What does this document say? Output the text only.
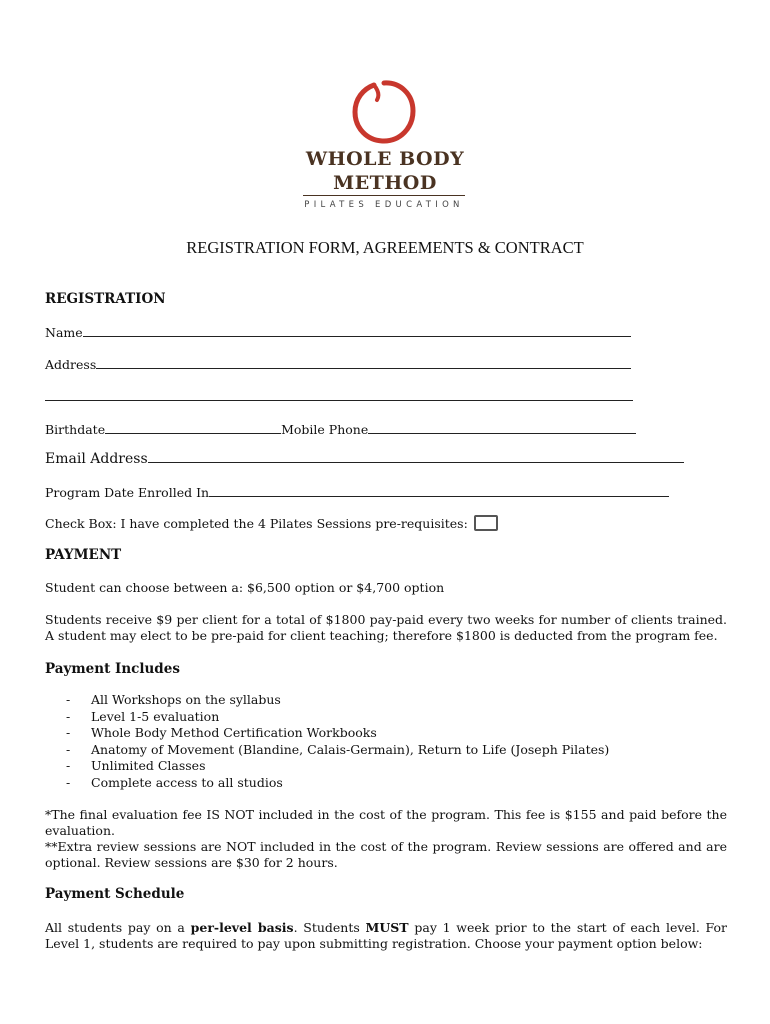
WHOLE BODY
METHOD
PILATES EDUCATION
REGISTRATION FORM, AGREEMENTS & CONTRACT
REGISTRATION
Name
Address
Birthdate	Mobile Phone
Email Address
Program Date Enrolled In
Check Box: I have completed the 4 Pilates Sessions pre-requisites:
PAYMENT
Student can choose between a: $6,500 option or $4,700 option
Students receive $9 per client for a total of $1800 pay-paid every two weeks for number of clients trained. A student may elect to be pre-paid for client teaching; therefore $1800 is deducted from the program fee.
Payment Includes
- All Workshops on the syllabus
- Level 1-5 evaluation
- Whole Body Method Certification Workbooks
- Anatomy of Movement (Blandine, Calais-Germain), Return to Life (Joseph Pilates)
- Unlimited Classes
- Complete access to all studios
*The final evaluation fee IS NOT included in the cost of the program. This fee is $155 and paid before the evaluation.
**Extra review sessions are NOT included in the cost of the program. Review sessions are offered and are optional. Review sessions are $30 for 2 hours.
Payment Schedule
All students pay on a per-level basis. Students MUST pay 1 week prior to the start of each level. For Level 1, students are required to pay upon submitting registration. Choose your payment option below:
